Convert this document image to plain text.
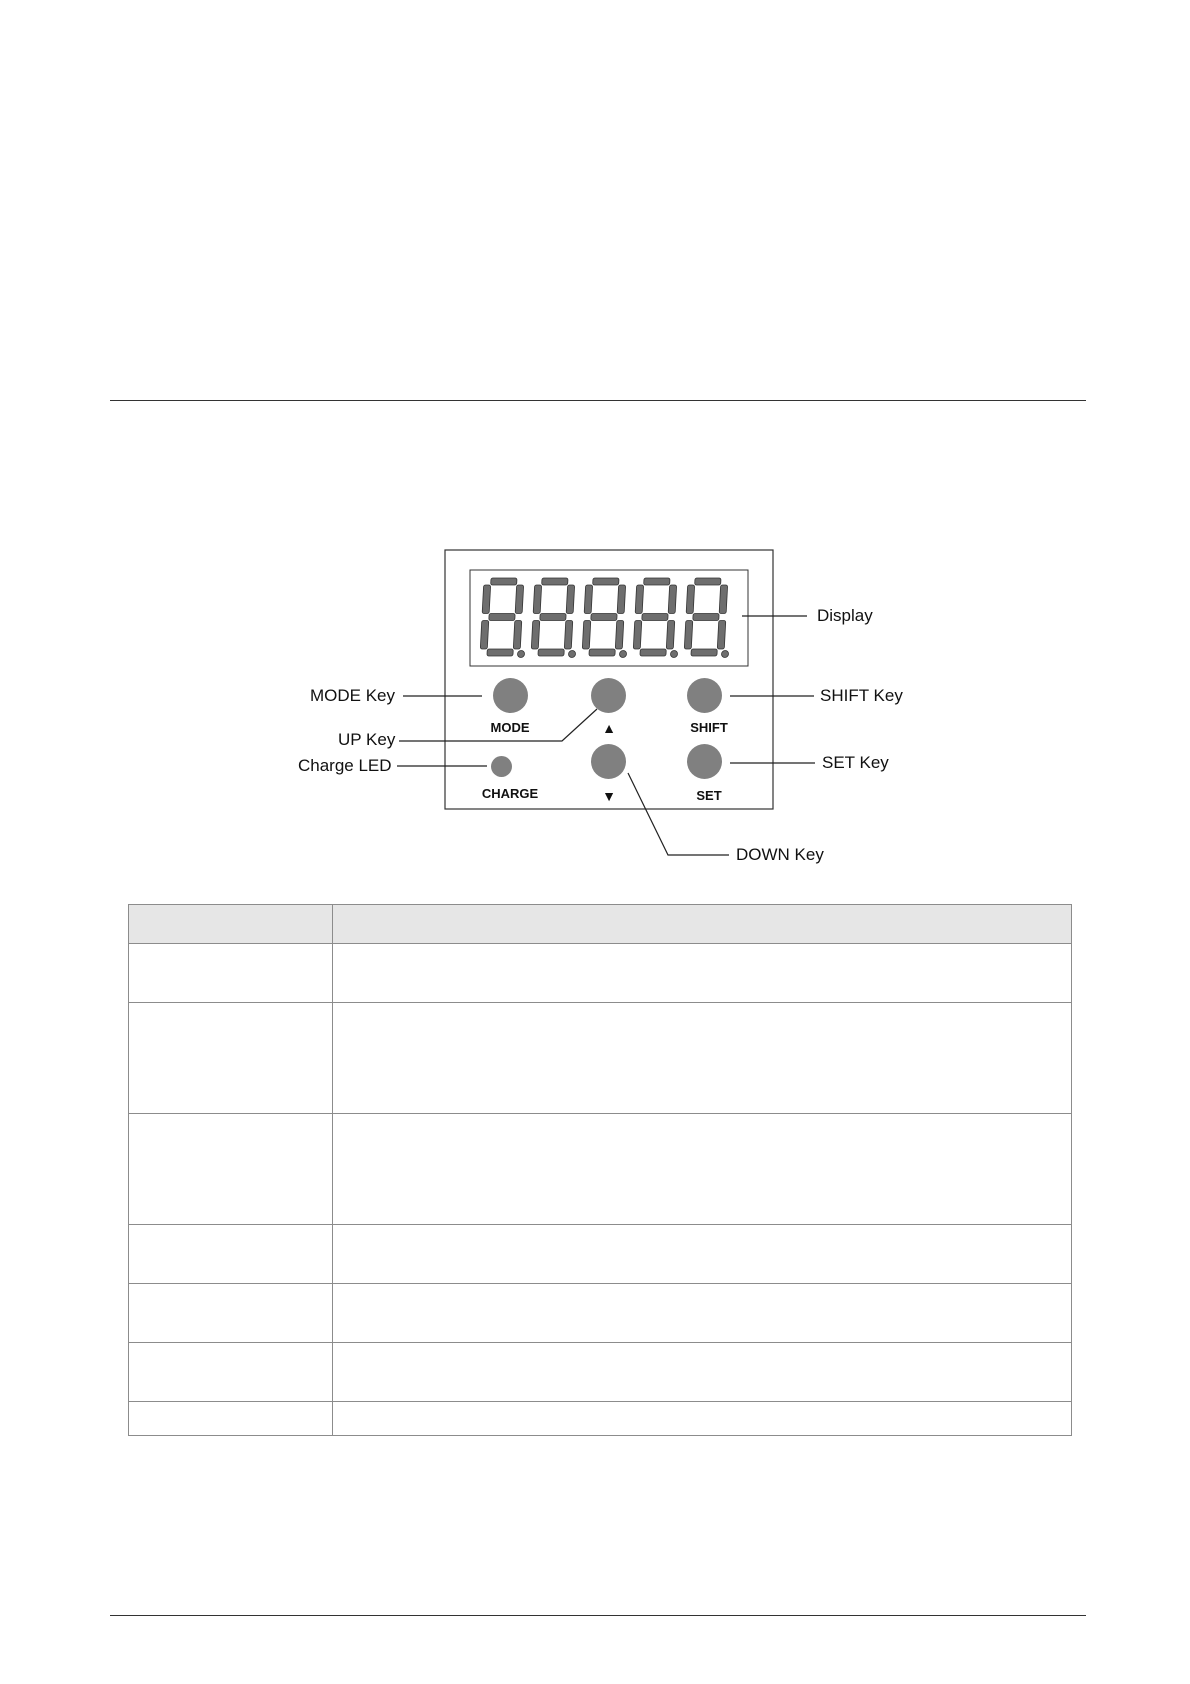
MODE	▲	SHIFT
CHARGE	▼	SET
Display
MODE Key	SHIFT Key
UP Key
Charge LED	SET Key
DOWN Key
